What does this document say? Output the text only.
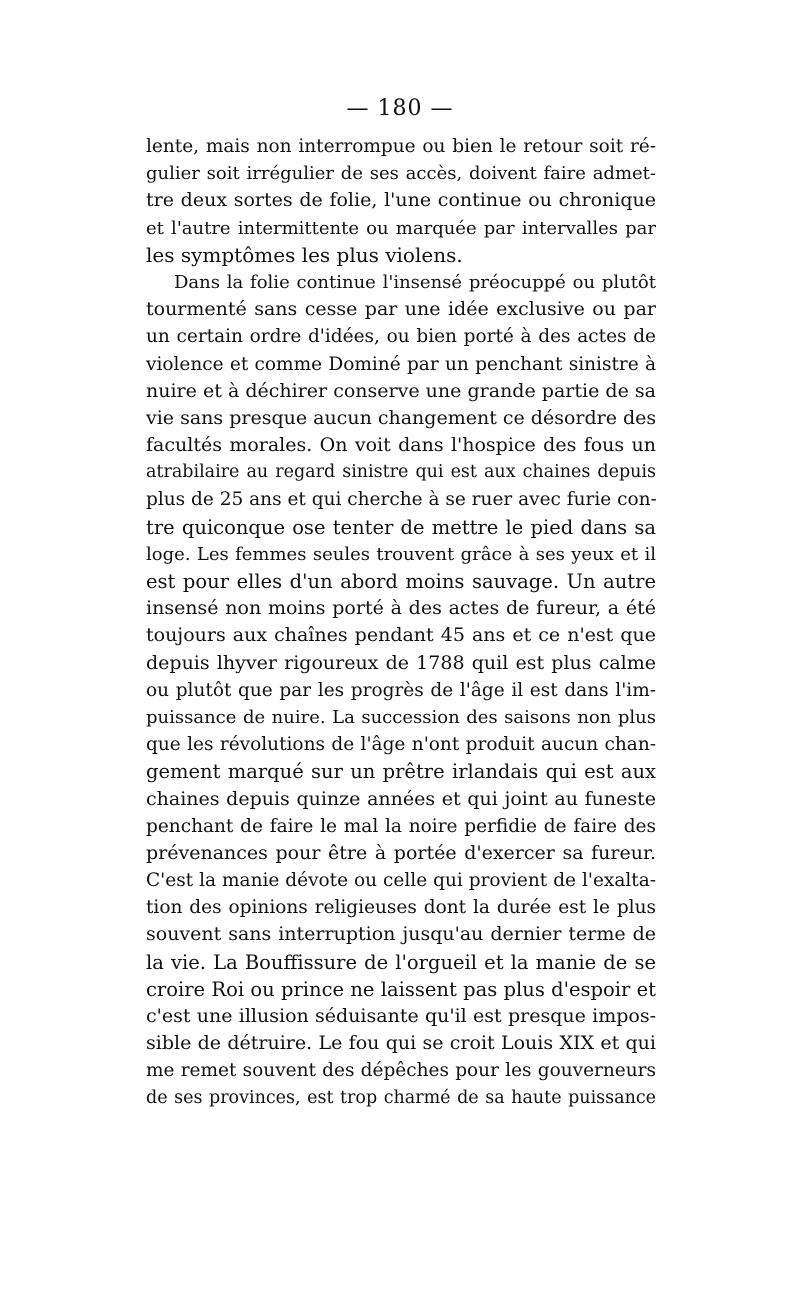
— 180 —
lente, mais non interrompue ou bien le retour soit ré-
gulier soit irrégulier de ses accès, doivent faire admet-
tre deux sortes de folie, l'une continue ou chronique
et l'autre intermittente ou marquée par intervalles par
les symptômes les plus violens.
Dans la folie continue l'insensé préocuppé ou plutôt
tourmenté sans cesse par une idée exclusive ou par
un certain ordre d'idées, ou bien porté à des actes de
violence et comme Dominé par un penchant sinistre à
nuire et à déchirer conserve une grande partie de sa
vie sans presque aucun changement ce désordre des
facultés morales. On voit dans l'hospice des fous un
atrabilaire au regard sinistre qui est aux chaines depuis
plus de 25 ans et qui cherche à se ruer avec furie con-
tre quiconque ose tenter de mettre le pied dans sa
loge. Les femmes seules trouvent grâce à ses yeux et il
est pour elles d'un abord moins sauvage. Un autre
insensé non moins porté à des actes de fureur, a été
toujours aux chaînes pendant 45 ans et ce n'est que
depuis lhyver rigoureux de 1788 quil est plus calme
ou plutôt que par les progrès de l'âge il est dans l'im-
puissance de nuire. La succession des saisons non plus
que les révolutions de l'âge n'ont produit aucun chan-
gement marqué sur un prêtre irlandais qui est aux
chaines depuis quinze années et qui joint au funeste
penchant de faire le mal la noire perfidie de faire des
prévenances pour être à portée d'exercer sa fureur.
C'est la manie dévote ou celle qui provient de l'exalta-
tion des opinions religieuses dont la durée est le plus
souvent sans interruption jusqu'au dernier terme de
la vie. La Bouffissure de l'orgueil et la manie de se
croire Roi ou prince ne laissent pas plus d'espoir et
c'est une illusion séduisante qu'il est presque impos-
sible de détruire. Le fou qui se croit Louis XIX et qui
me remet souvent des dépêches pour les gouverneurs
de ses provinces, est trop charmé de sa haute puissance
